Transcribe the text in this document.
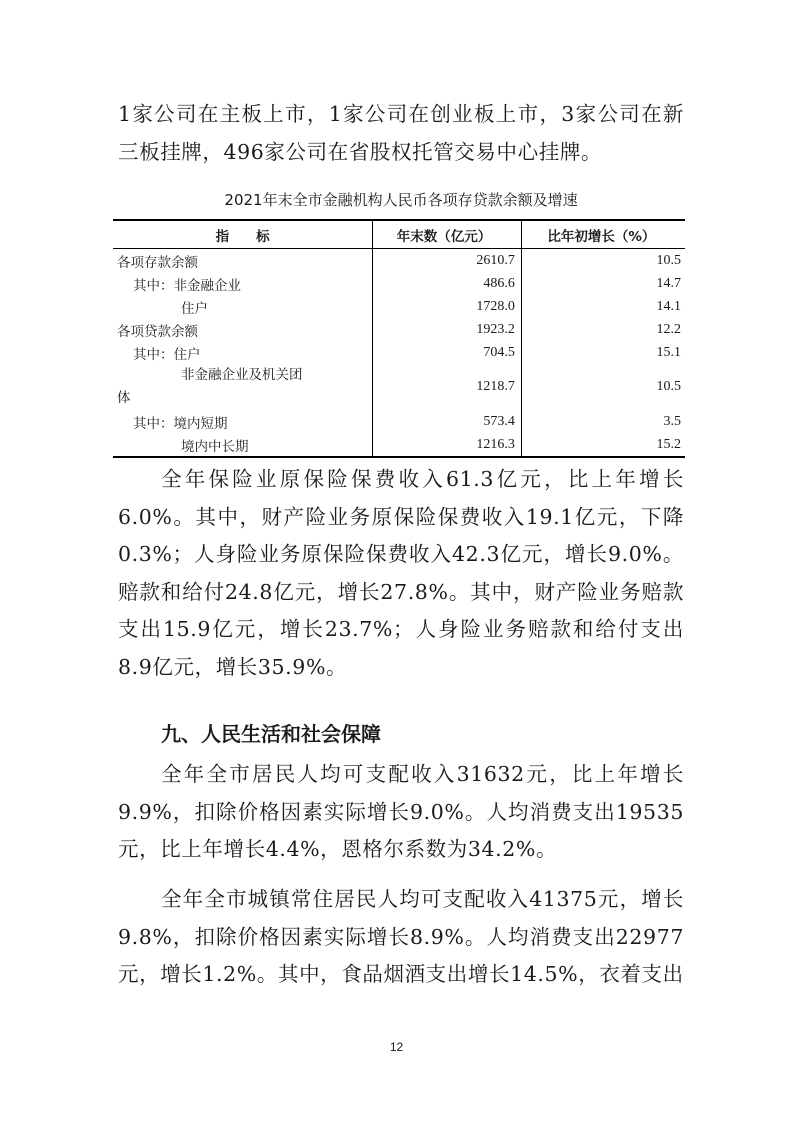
1家公司在主板上市，1家公司在创业板上市，3家公司在新三板挂牌，496家公司在省股权托管交易中心挂牌。

2021年末全市金融机构人民币各项存贷款余额及增速

指　　标	年末数（亿元）	比年初增长（%）
各项存款余额	2610.7	10.5
其中：非金融企业	486.6	14.7
住户	1728.0	14.1
各项贷款余额	1923.2	12.2
其中：住户	704.5	15.1

非金融企业及机关团
体	1218.7	10.5
其中：境内短期	573.4	3.5
境内中长期	1216.3	15.2

全年保险业原保险保费收入61.3亿元，比上年增长6.0%。其中，财产险业务原保险保费收入19.1亿元，下降0.3%；人身险业务原保险保费收入42.3亿元，增长9.0%。赔款和给付24.8亿元，增长27.8%。其中，财产险业务赔款支出15.9亿元，增长23.7%；人身险业务赔款和给付支出8.9亿元，增长35.9%。

九、人民生活和社会保障

全年全市居民人均可支配收入31632元，比上年增长9.9%，扣除价格因素实际增长9.0%。人均消费支出19535元，比上年增长4.4%，恩格尔系数为34.2%。

全年全市城镇常住居民人均可支配收入41375元，增长9.8%，扣除价格因素实际增长8.9%。人均消费支出22977元，增长1.2%。其中，食品烟酒支出增长14.5%，衣着支出

12
